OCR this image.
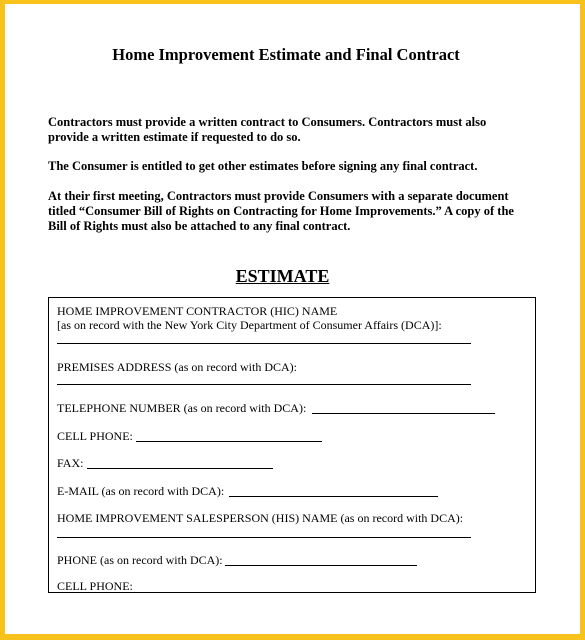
Home Improvement Estimate and Final Contract
Contractors must provide a written contract to Consumers. Contractors must also provide a written estimate if requested to do so.
The Consumer is entitled to get other estimates before signing any final contract.
At their first meeting, Contractors must provide Consumers with a separate document titled “Consumer Bill of Rights on Contracting for Home Improvements.” A copy of the Bill of Rights must also be attached to any final contract.
ESTIMATE
HOME IMPROVEMENT CONTRACTOR (HIC) NAME
[as on record with the New York City Department of Consumer Affairs (DCA)]:
PREMISES ADDRESS (as on record with DCA):
TELEPHONE NUMBER (as on record with DCA):
CELL PHONE:
FAX:
E-MAIL (as on record with DCA):
HOME IMPROVEMENT SALESPERSON (HIS) NAME (as on record with DCA):
PHONE (as on record with DCA):
CELL PHONE:
